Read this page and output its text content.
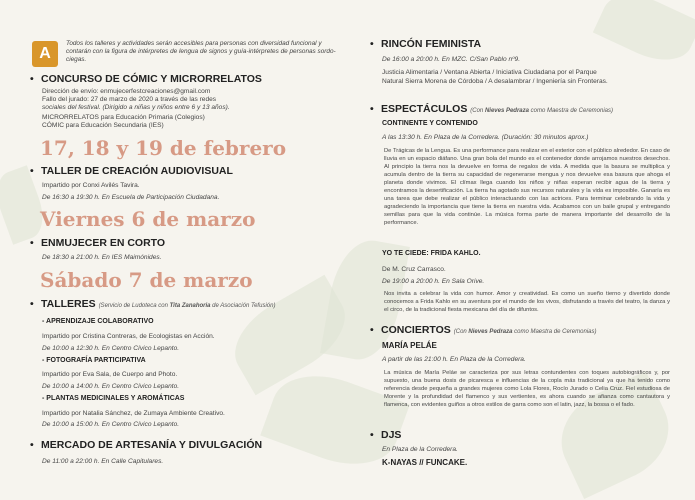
A
Todos los talleres y actividades serán accesibles para personas con diversidad funcional y contarán con la figura de intérpretes de lengua de signos y guía-intérpretes de personas sordo-ciegas.
• CONCURSO DE CÓMIC Y MICRORRELATOS
Dirección de envío: enmujecerfestcreaciones@gmail.com
Fallo del jurado: 27 de marzo de 2020 a través de las redes
sociales del festival. (Dirigido a niñas y niños entre 6 y 13 años).
MICRORRELATOS para Educación Primaria (Colegios)
CÓMIC para Educación Secundaria (IES)
17, 18 y 19 de febrero
• TALLER DE CREACIÓN AUDIOVISUAL
Impartido por Conxi Avilés Tavira.
De 16:30 a 19:30 h. En Escuela de Participación Ciudadana.
Viernes 6 de marzo
• ENMUJECER EN CORTO
De 18:30 a 21:00 h. En IES Maimónides.
Sábado 7 de marzo
• TALLERES (Servicio de Ludoteca con Tita Zanahoria de Asociación Tefusión)
- APRENDIZAJE COLABORATIVO
Impartido por Cristina Contreras, de Ecologistas en Acción.
De 10:00 a 12:30 h. En Centro Cívico Lepanto.
- FOTOGRAFÍA PARTICIPATIVA
Impartido por Eva Sala, de Cuerpo and Photo.
De 10:00 a 14:00 h. En Centro Cívico Lepanto.
- PLANTAS MEDICINALES Y AROMÁTICAS
Impartido por Natalia Sánchez, de Zumaya Ambiente Creativo.
De 10:00 a 15:00 h. En Centro Cívico Lepanto.
• MERCADO DE ARTESANÍA Y DIVULGACIÓN
De 11:00 a 22:00 h. En Calle Capitulares.
• RINCÓN FEMINISTA
De 16:00 a 20:00 h. En MZC. C/San Pablo nº9.
Justicia Alimentaria / Ventana Abierta / Iniciativa Ciudadana por el Parque
Natural Sierra Morena de Córdoba / A desalambrar / Ingeniería sin Fronteras.
• ESPECTÁCULOS (Con Nieves Pedraza como Maestra de Ceremonias)
CONTINENTE Y CONTENIDO
A las 13:30 h. En Plaza de la Corredera. (Duración: 30 minutos aprox.)
De Trágicas de la Lengua. Es una performance para realizar en el exterior con el público alrededor. En caso de lluvia en un espacio diáfano. Una gran bola del mundo es el contenedor donde arrojamos nuestros desechos. Al principio la tierra nos la devuelve en forma de regalos de vida. A medida que la basura se multiplica y acumula dentro de la tierra su capacidad de regenerarse mengua y nos devuelve esa basura que ahoga el planeta donde vivimos. El clímax llega cuando los niños y niñas esperan recibir agua de la tierra y encontramos la desertificación. La tierra ha agotado sus recursos naturales y la vida es imposible. Ganaría es una tarea que debe realizar el público interactuando con las actrices. Para terminar celebrando la vida y agradeciendo la importancia que tiene la tierra en nuestra vida. Acabamos con un baile grupal y entregando semillas para que la vida continúe. La música forma parte de manera importante del desarrollo de la performance.
YO TE CIEDE: FRIDA KAHLO.
De M. Cruz Carrasco.
De 19:00 a 20:00 h. En Sala Orive.
Nos invita a celebrar la vida con humor. Amor y creatividad. Es como un sueño tierno y divertido donde conocemos a Frida Kahlo en su aventura por el mundo de los vivos, disfrutando a través del teatro, la danza y el circo, de la tradicional fiesta mexicana del día de difuntos.
• CONCIERTOS (Con Nieves Pedraza como Maestra de Ceremonias)
MARÍA PELÁE
A partir de las 21:00 h. En Plaza de la Corredera.
La música de María Peláe se caracteriza por sus letras contundentes con toques autobiográficos y, por supuesto, una buena dosis de picaresca e influencias de la copla más tradicional ya que ha tenido como referencia desde pequeña a grandes mujeres como Lola Flores, Rocío Jurado o Celia Cruz. Fiel estudiosa de Morente y la profundidad del flamenco y sus vertientes, es ahora cuando se afianza como cantautora y flamenca, con evidentes guiños a otros estilos de garra como son el latin, jazz, la bossa o el fado.
• DJS
En Plaza de la Corredera.
K-NAYAS // FUNCAKE.
